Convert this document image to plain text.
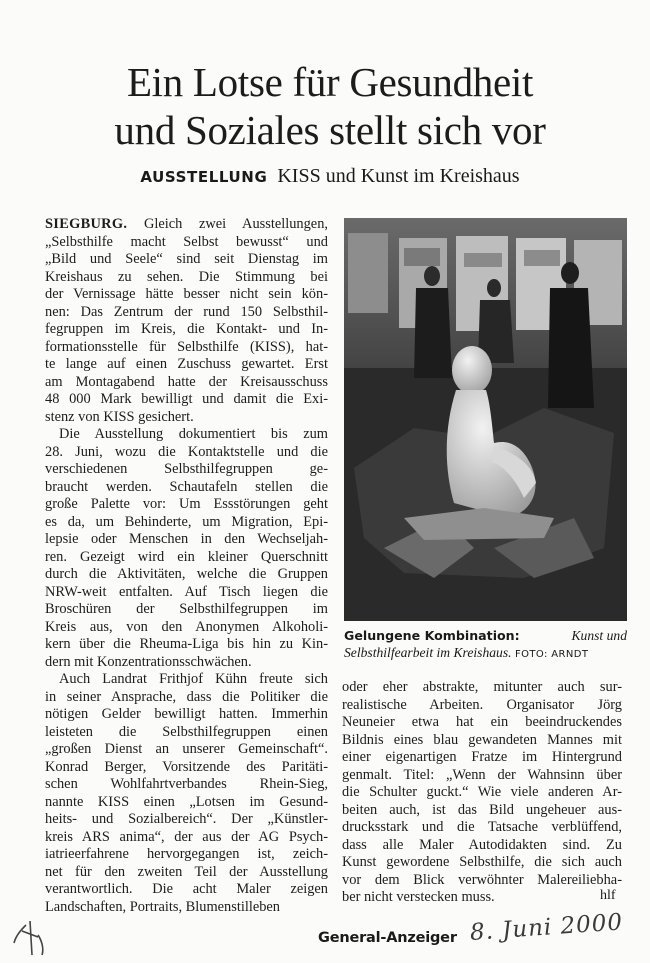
Ein Lotse für Gesundheit
und Soziales stellt sich vor
AUSSTELLUNG KISS und Kunst im Kreishaus
SIEGBURG. Gleich zwei Ausstellungen,
„Selbsthilfe macht Selbst bewusst“ und
„Bild und Seele“ sind seit Dienstag im
Kreishaus zu sehen. Die Stimmung bei
der Vernissage hätte besser nicht sein kön-
nen: Das Zentrum der rund 150 Selbsthil-
fegruppen im Kreis, die Kontakt- und In-
formationsstelle für Selbsthilfe (KISS), hat-
te lange auf einen Zuschuss gewartet. Erst
am Montagabend hatte der Kreisausschuss
48 000 Mark bewilligt und damit die Exi-
stenz von KISS gesichert.
Die Ausstellung dokumentiert bis zum
28. Juni, wozu die Kontaktstelle und die
verschiedenen Selbsthilfegruppen ge-
braucht werden. Schautafeln stellen die
große Palette vor: Um Essstörungen geht
es da, um Behinderte, um Migration, Epi-
lepsie oder Menschen in den Wechseljah-
ren. Gezeigt wird ein kleiner Querschnitt
durch die Aktivitäten, welche die Gruppen
NRW-weit entfalten. Auf Tisch liegen die
Broschüren der Selbsthilfegruppen im
Kreis aus, von den Anonymen Alkoholi-
kern über die Rheuma-Liga bis hin zu Kin-
dern mit Konzentrationsschwächen.
Auch Landrat Frithjof Kühn freute sich
in seiner Ansprache, dass die Politiker die
nötigen Gelder bewilligt hatten. Immerhin
leisteten die Selbsthilfegruppen einen
„großen Dienst an unserer Gemeinschaft“.
Konrad Berger, Vorsitzende des Paritäti-
schen Wohlfahrtverbandes Rhein-Sieg,
nannte KISS einen „Lotsen im Gesund-
heits- und Sozialbereich“. Der „Künstler-
kreis ARS anima“, der aus der AG Psych-
iatrieerfahrene hervorgegangen ist, zeich-
net für den zweiten Teil der Ausstellung
verantwortlich. Die acht Maler zeigen
Landschaften, Portraits, Blumenstilleben
Gelungene Kombination:	Kunst und
Selbsthilfearbeit im Kreishaus. FOTO: ARNDT
oder eher abstrakte, mitunter auch sur-
realistische Arbeiten. Organisator Jörg
Neuneier etwa hat ein beeindruckendes
Bildnis eines blau gewandeten Mannes mit
einer eigenartigen Fratze im Hintergrund
genmalt. Titel: „Wenn der Wahnsinn über
die Schulter guckt.“ Wie viele anderen Ar-
beiten auch, ist das Bild ungeheuer aus-
drucksstark und die Tatsache verblüffend,
dass alle Maler Autodidakten sind. Zu
Kunst gewordene Selbsthilfe, die sich auch
vor dem Blick verwöhnter Malereiliebha-
ber nicht verstecken muss.	hlf
General-Anzeiger 8. Juni 2000
